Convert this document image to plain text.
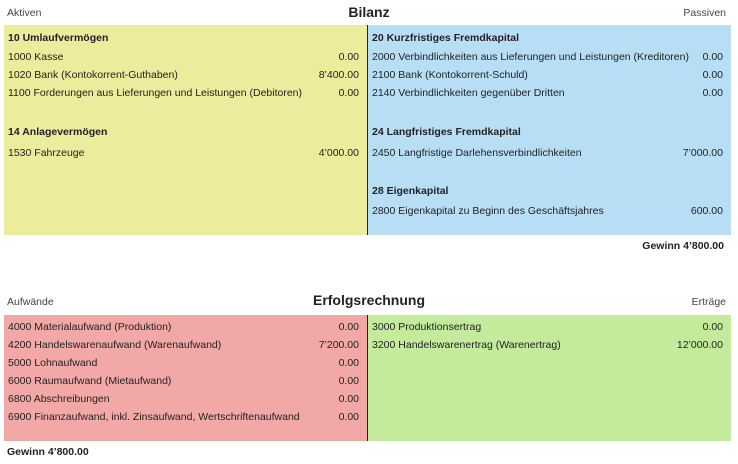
Aktiven	Bilanz	Passiven
10 Umlaufvermögen
1000 Kasse	0.00
1020 Bank (Kontokorrent-Guthaben)	8’400.00
1100 Forderungen aus Lieferungen und Leistungen (Debitoren)	0.00
14 Anlagevermögen
1530 Fahrzeuge	4’000.00
20 Kurzfristiges Fremdkapital
2000 Verbindlichkeiten aus Lieferungen und Leistungen (Kreditoren) 0.00
2100 Bank (Kontokorrent-Schuld)	0.00
2140 Verbindlichkeiten gegenüber Dritten	0.00
24 Langfristiges Fremdkapital
2450 Langfristige Darlehensverbindlichkeiten	7’000.00
28 Eigenkapital
2800 Eigenkapital zu Beginn des Geschäftsjahres	600.00
Gewinn 4’800.00
Aufwände	Erfolgsrechnung	Erträge
4000 Materialaufwand (Produktion)	0.00
4200 Handelswarenaufwand (Warenaufwand)	7’200.00
5000 Lohnaufwand	0.00
6000 Raumaufwand (Mietaufwand)	0.00
6800 Abschreibungen	0.00
6900 Finanzaufwand, inkl. Zinsaufwand, Wertschriftenaufwand	0.00
3000 Produktionsertrag	0.00
3200 Handelswarenertrag (Warenertrag)	12’000.00
Gewinn 4’800.00
